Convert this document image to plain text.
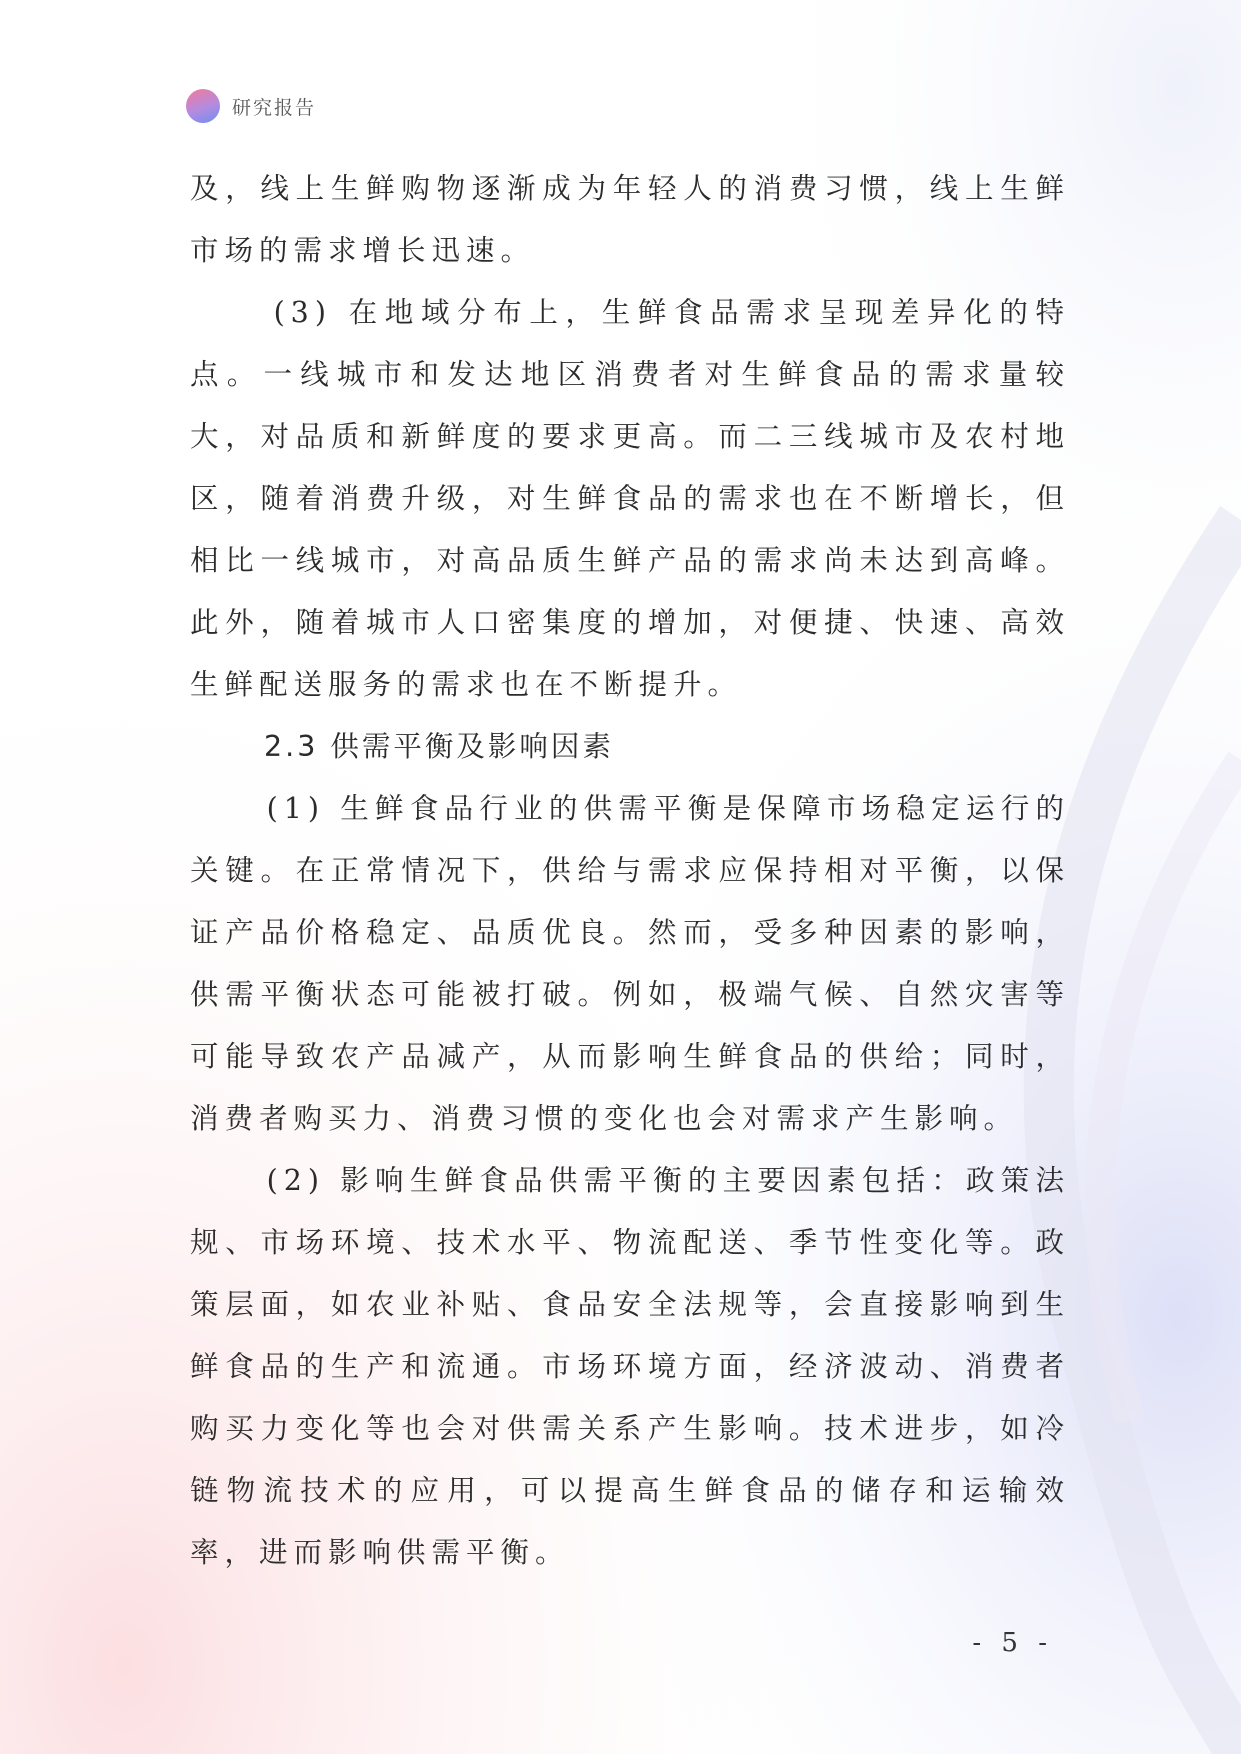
研究报告

及，线上生鲜购物逐渐成为年轻人的消费习惯，线上生鲜市场的需求增长迅速。

(3) 在地域分布上，生鲜食品需求呈现差异化的特点。一线城市和发达地区消费者对生鲜食品的需求量较大，对品质和新鲜度的要求更高。而二三线城市及农村地区，随着消费升级，对生鲜食品的需求也在不断增长，但相比一线城市，对高品质生鲜产品的需求尚未达到高峰。此外，随着城市人口密集度的增加，对便捷、快速、高效生鲜配送服务的需求也在不断提升。

2.3 供需平衡及影响因素

(1) 生鲜食品行业的供需平衡是保障市场稳定运行的关键。在正常情况下，供给与需求应保持相对平衡，以保证产品价格稳定、品质优良。然而，受多种因素的影响，供需平衡状态可能被打破。例如，极端气候、自然灾害等可能导致农产品减产，从而影响生鲜食品的供给；同时，消费者购买力、消费习惯的变化也会对需求产生影响。

(2) 影响生鲜食品供需平衡的主要因素包括：政策法规、市场环境、技术水平、物流配送、季节性变化等。政策层面，如农业补贴、食品安全法规等，会直接影响到生鲜食品的生产和流通。市场环境方面，经济波动、消费者购买力变化等也会对供需关系产生影响。技术进步，如冷链物流技术的应用，可以提高生鲜食品的储存和运输效率，进而影响供需平衡。

- 5 -
